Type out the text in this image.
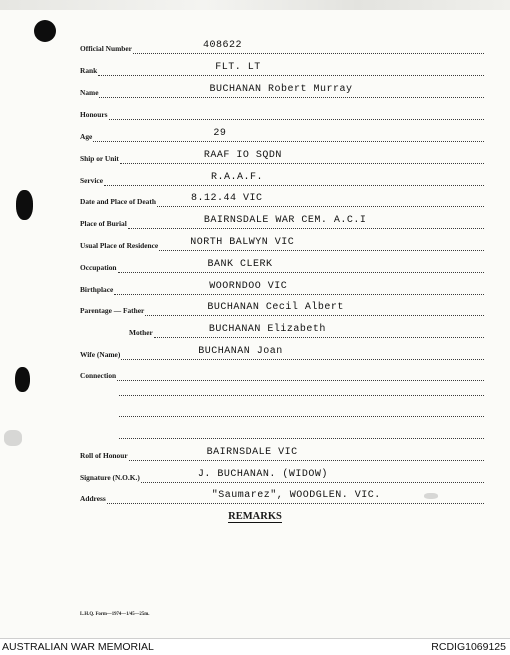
Official Number	408622
Rank	FLT. LT
Name	BUCHANAN Robert Murray
Honours
Age	29
Ship or Unit	RAAF IO SQDN
Service	R.A.A.F.
Date and Place of Death	8.12.44 VIC
Place of Burial	BAIRNSDALE WAR CEM. A.C.I
Usual Place of Residence	NORTH BALWYN VIC
Occupation	BANK CLERK
Birthplace	WOORNDOO VIC
Parentage — Father	BUCHANAN Cecil Albert
Mother	BUCHANAN Elizabeth
Wife (Name)	BUCHANAN Joan
Connection
Roll of Honour	BAIRNSDALE VIC
Signature (N.O.K.)	J. BUCHANAN. (WIDOW)
Address	"Saumarez", WOODGLEN. VIC.
REMARKS
L.H.Q. Form—1974—1/45—25m.
AUSTRALIAN WAR MEMORIAL	RCDIG1069125
